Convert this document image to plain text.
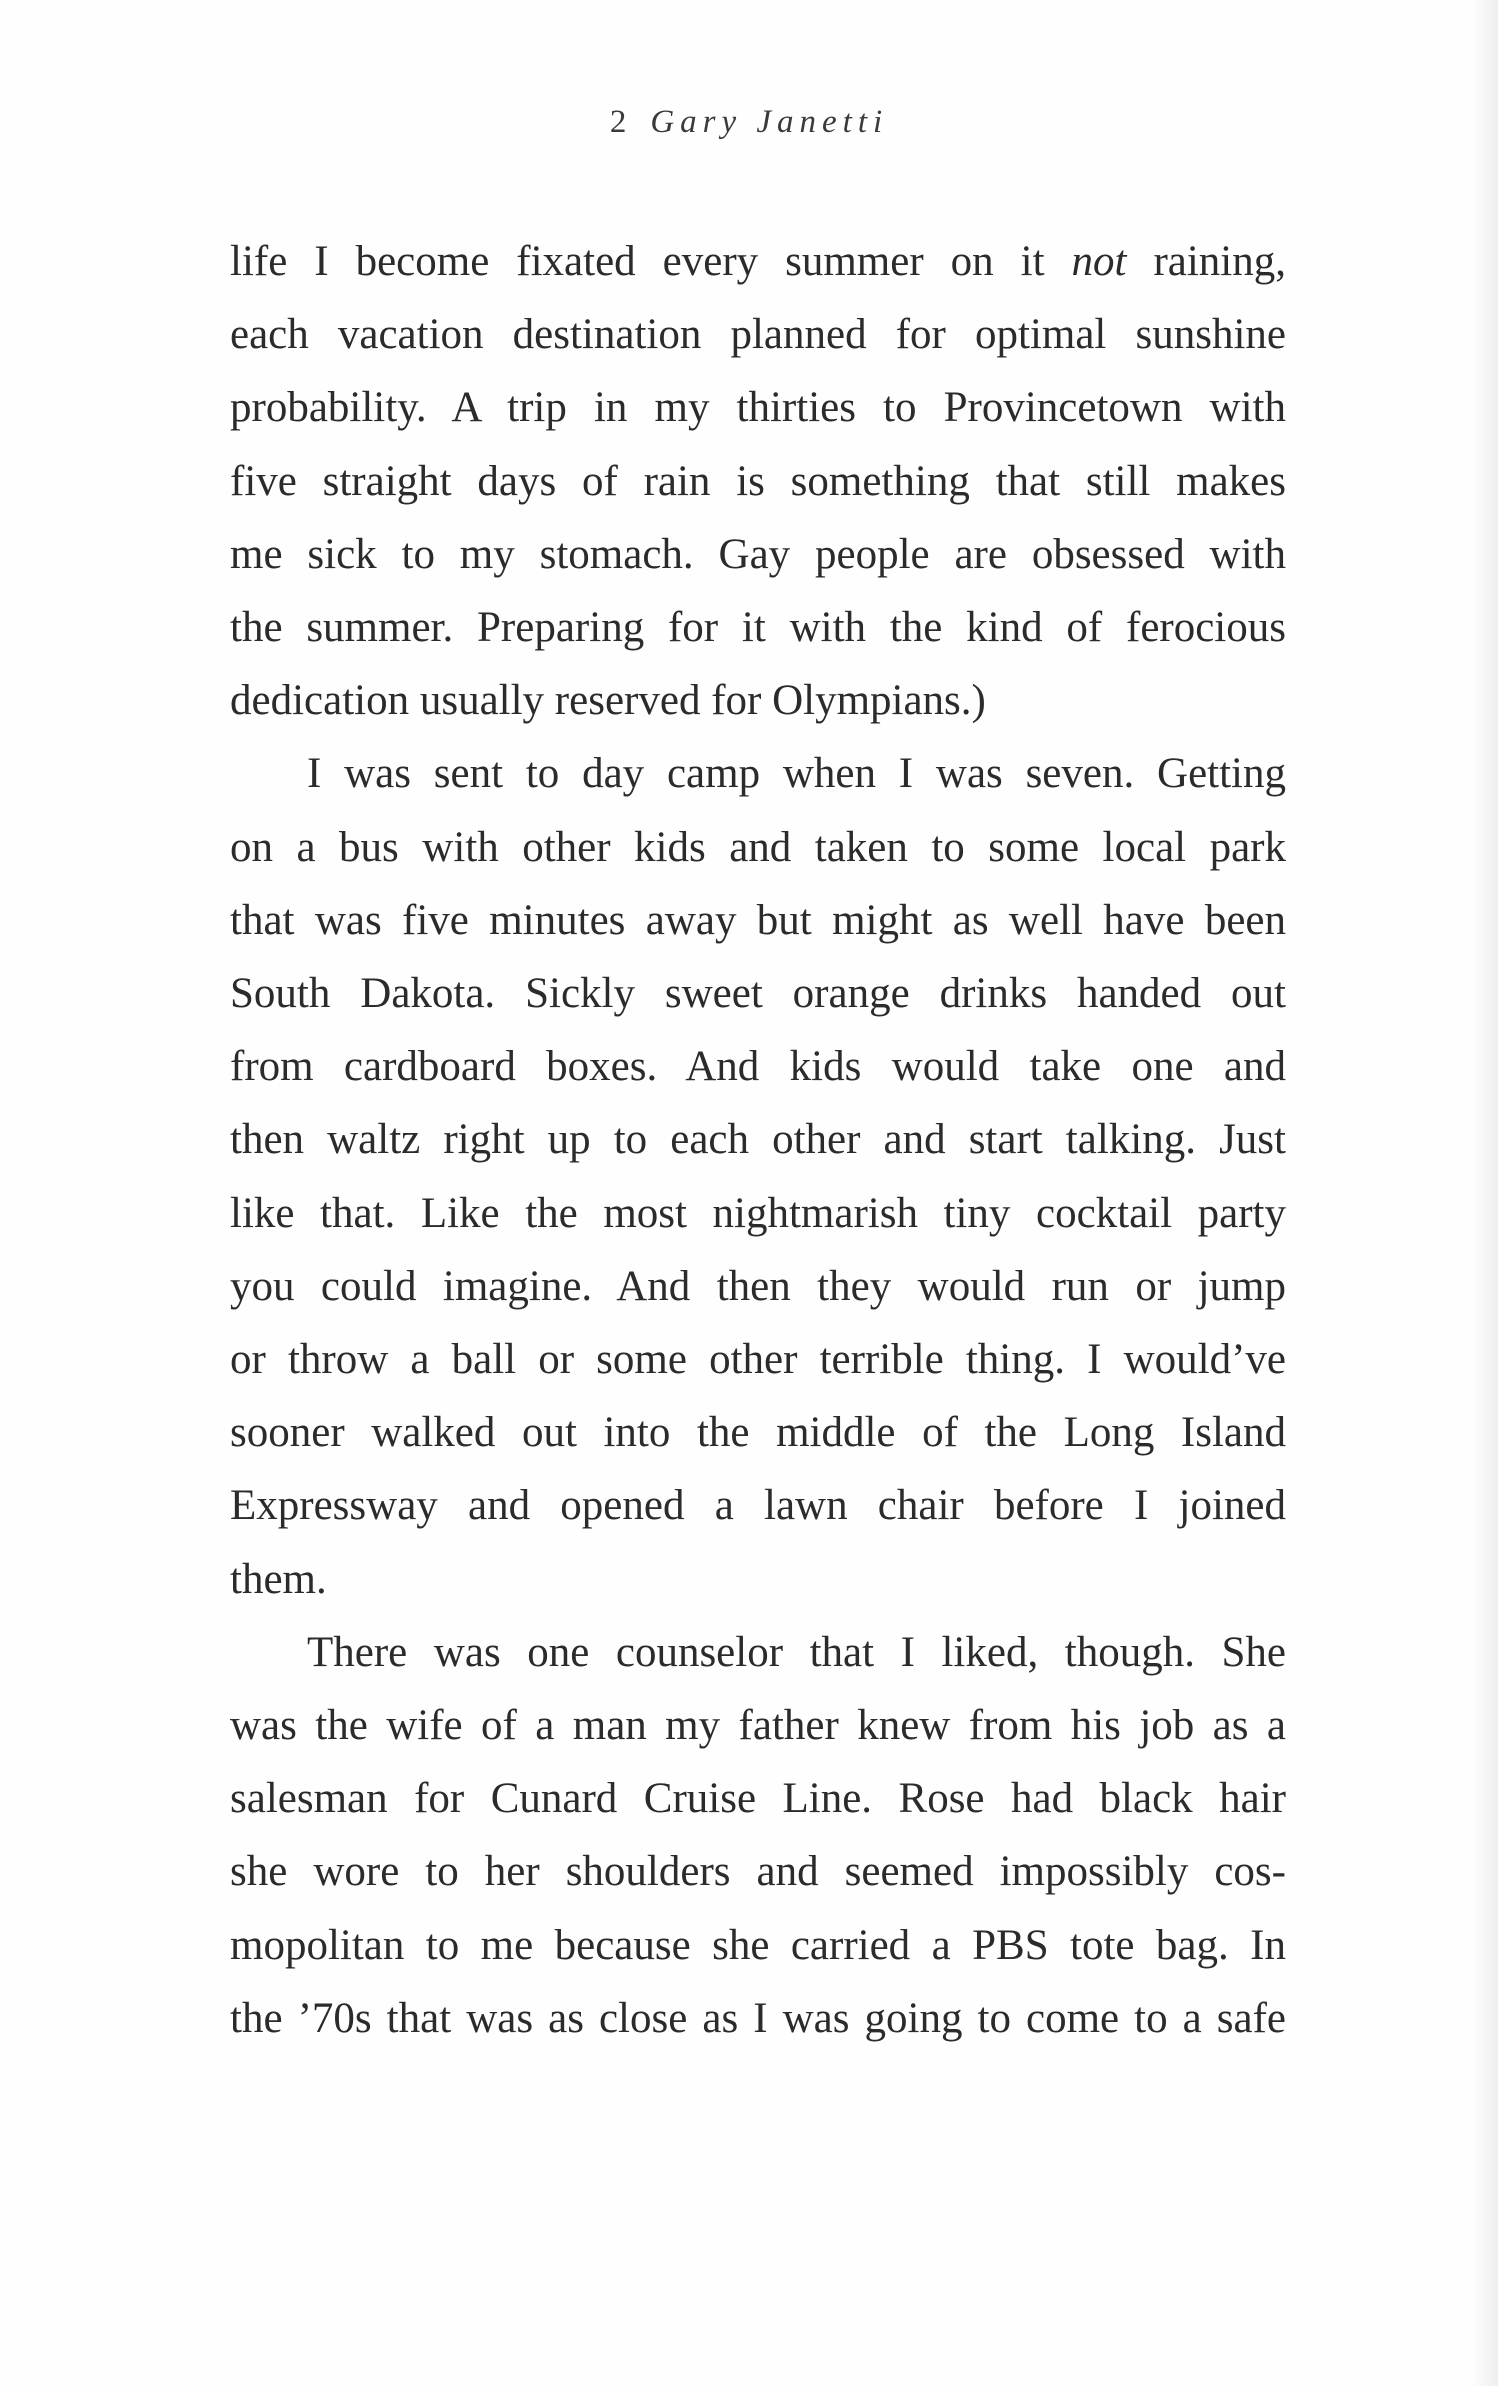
2 Gary Janetti

life I become fixated every summer on it not raining,
each vacation destination planned for optimal sunshine
probability. A trip in my thirties to Provincetown with
five straight days of rain is something that still makes
me sick to my stomach. Gay people are obsessed with
the summer. Preparing for it with the kind of ferocious
dedication usually reserved for Olympians.)

I was sent to day camp when I was seven. Getting
on a bus with other kids and taken to some local park
that was five minutes away but might as well have been
South Dakota. Sickly sweet orange drinks handed out
from cardboard boxes. And kids would take one and
then waltz right up to each other and start talking. Just
like that. Like the most nightmarish tiny cocktail party
you could imagine. And then they would run or jump
or throw a ball or some other terrible thing. I would’ve
sooner walked out into the middle of the Long Island
Expressway and opened a lawn chair before I joined
them.

There was one counselor that I liked, though. She
was the wife of a man my father knew from his job as a
salesman for Cunard Cruise Line. Rose had black hair
she wore to her shoulders and seemed impossibly cos-
mopolitan to me because she carried a PBS tote bag. In
the ’70s that was as close as I was going to come to a safe
